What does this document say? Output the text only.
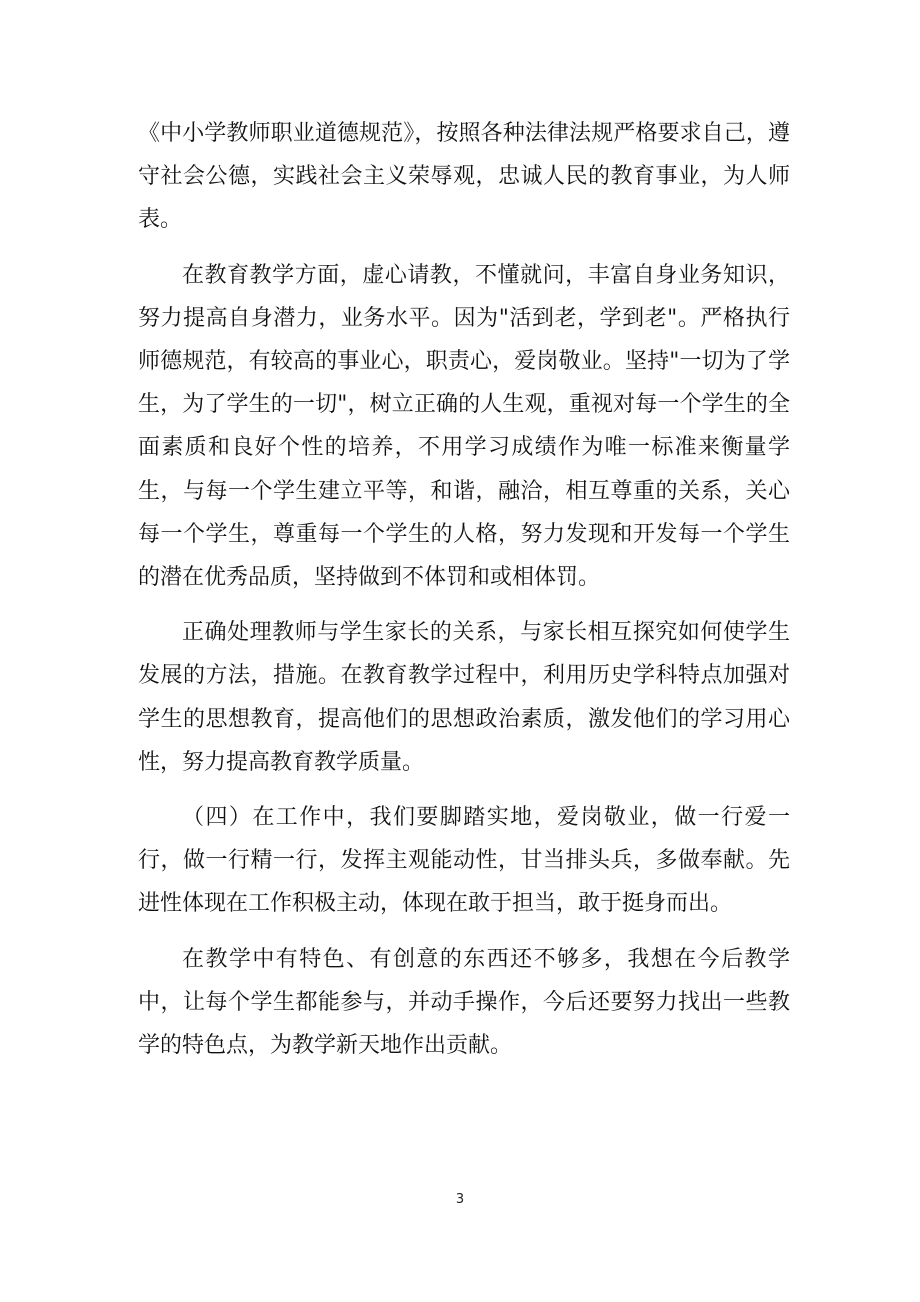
《中小学教师职业道德规范》，按照各种法律法规严格要求自己，遵守社会公德，实践社会主义荣辱观，忠诚人民的教育事业，为人师表。

在教育教学方面，虚心请教，不懂就问，丰富自身业务知识，努力提高自身潜力，业务水平。因为"活到老，学到老"。严格执行师德规范，有较高的事业心，职责心，爱岗敬业。坚持"一切为了学生，为了学生的一切"，树立正确的人生观，重视对每一个学生的全面素质和良好个性的培养，不用学习成绩作为唯一标准来衡量学生，与每一个学生建立平等，和谐，融洽，相互尊重的关系，关心每一个学生，尊重每一个学生的人格，努力发现和开发每一个学生的潜在优秀品质，坚持做到不体罚和或相体罚。

正确处理教师与学生家长的关系，与家长相互探究如何使学生发展的方法，措施。在教育教学过程中，利用历史学科特点加强对学生的思想教育，提高他们的思想政治素质，激发他们的学习用心性，努力提高教育教学质量。

（四）在工作中，我们要脚踏实地，爱岗敬业，做一行爱一行，做一行精一行，发挥主观能动性，甘当排头兵，多做奉献。先进性体现在工作积极主动，体现在敢于担当，敢于挺身而出。

在教学中有特色、有创意的东西还不够多，我想在今后教学中，让每个学生都能参与，并动手操作，今后还要努力找出一些教学的特色点，为教学新天地作出贡献。

3
